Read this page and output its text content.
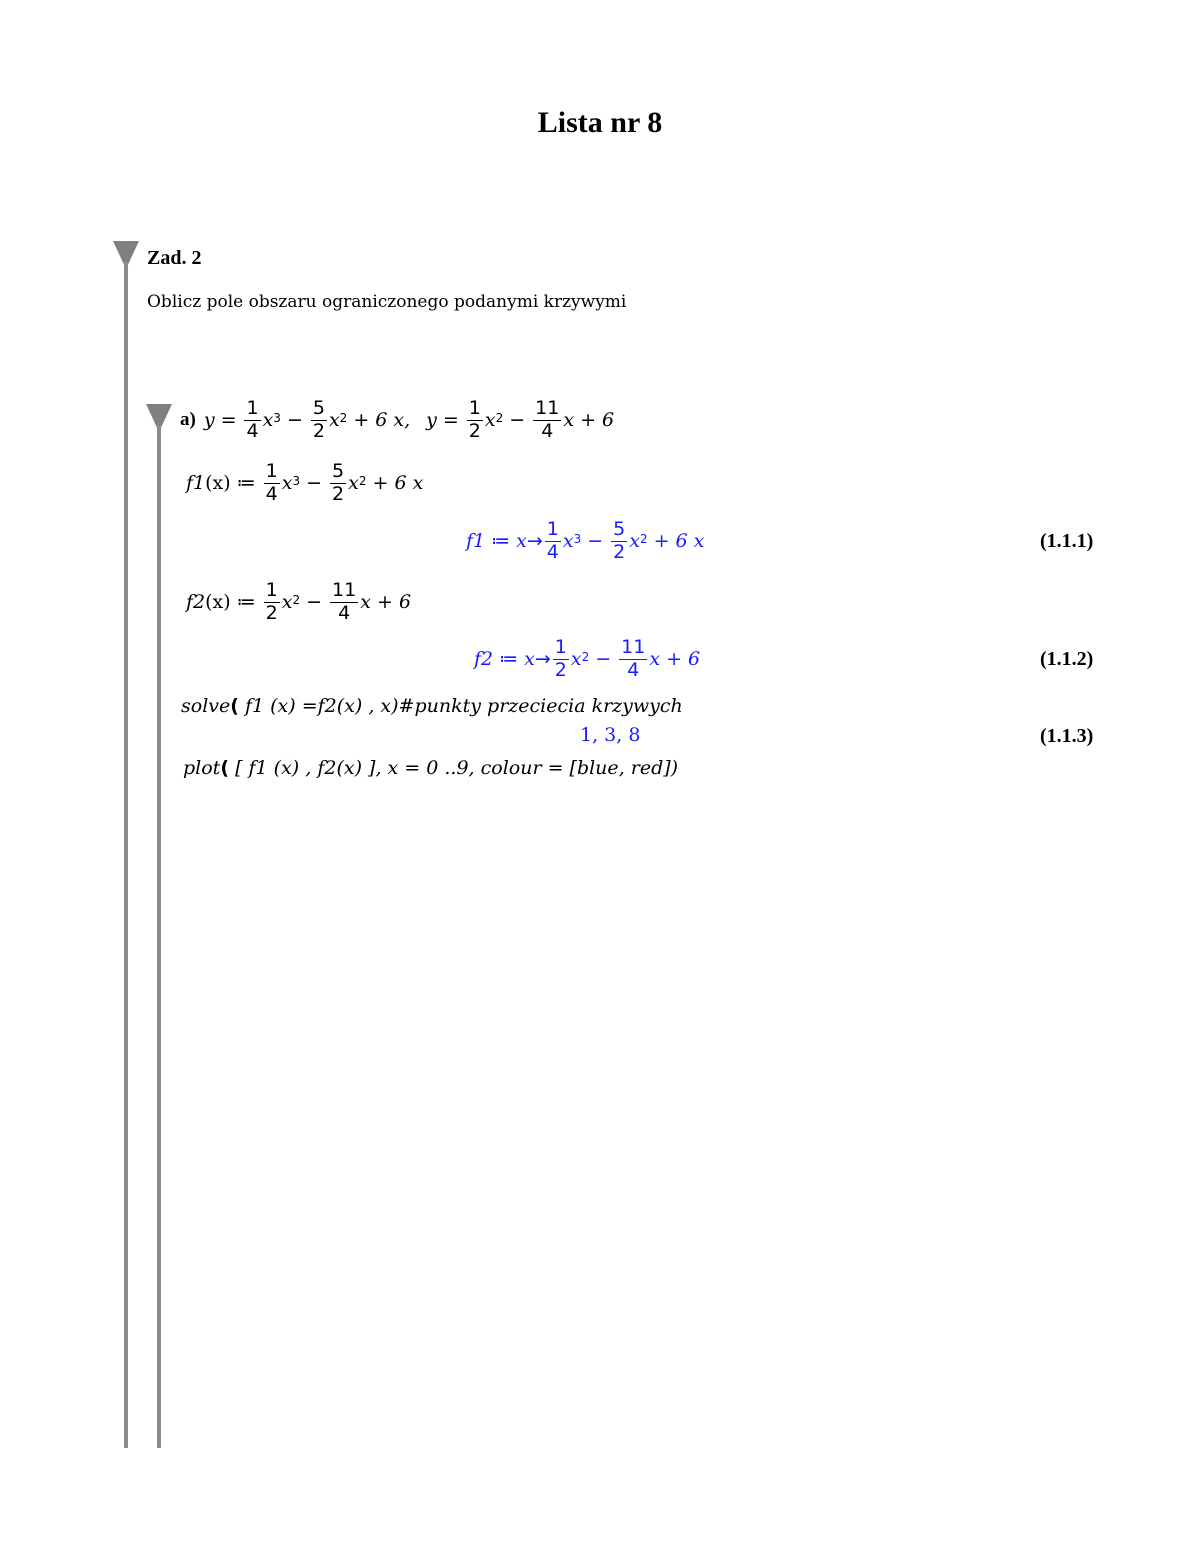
Lista nr 8
Zad. 2
Oblicz pole obszaru ograniczonego podanymi krzywymi
a) $y = \frac{1}{4} x^3 - \frac{5}{2} x^2 + 6$ x, $y = \frac{1}{2} x^2 - \frac{11}{4}$ x + 6
f1 (x) ≔ $\frac{1}{4} x^3 - \frac{5}{2} x^2 + 6$ x
f1 ≔ $x \to \frac{1}{4} x^3 - \frac{5}{2} x^2 + 6$ x	(1.1.1)
f2 (x) ≔ $\frac{1}{2} x^2 - \frac{11}{4}$ x + 6
f2 ≔ $x \to \frac{1}{2} x^2 - \frac{11}{4}$ x + 6	(1.1.2)
solve( f1 (x) =f2(x) , x)#punkty przeciecia krzywych
1, 3, 8	(1.1.3)
plot( [ f1 (x) , f2(x) ], x = 0 ..9, colour = [blue, red])
